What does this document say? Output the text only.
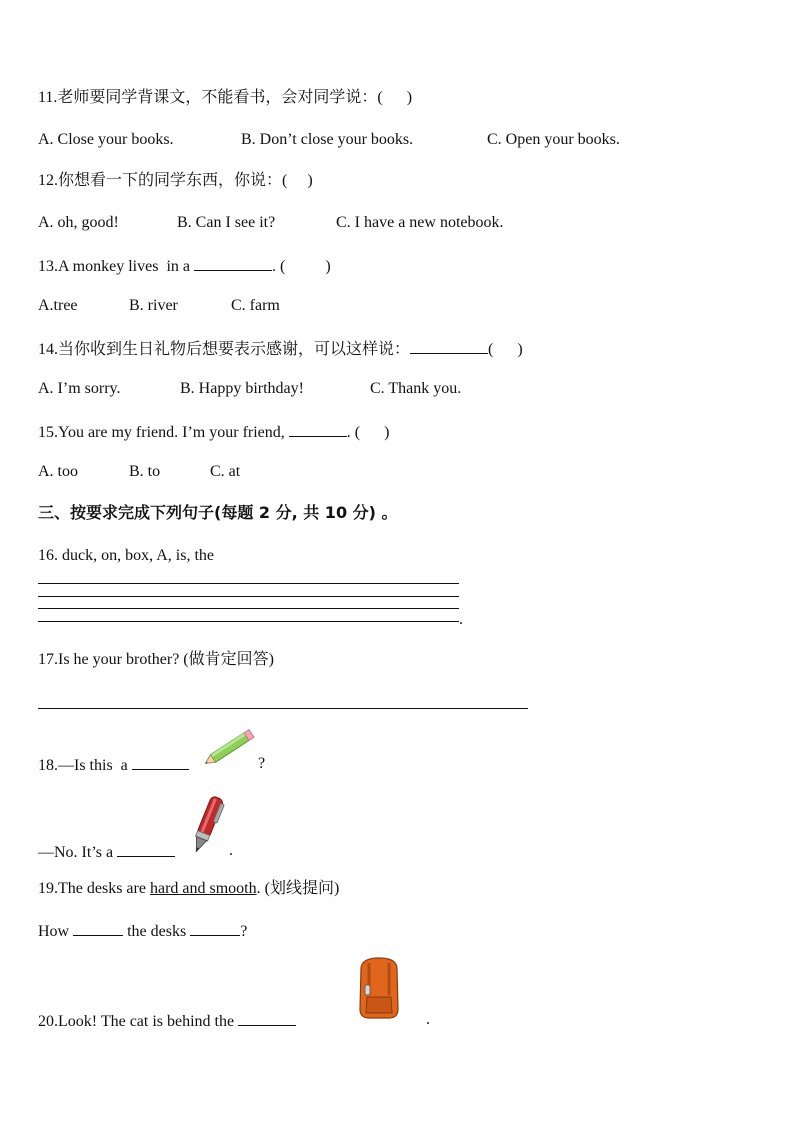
11.老师要同学背课文，不能看书，会对同学说：(      )
A. Close your books.	B. Don’t close your books.	C. Open your books.
12.你想看一下的同学东西，你说：(     )
A. oh, good!	B. Can I see it?	C. I have a new notebook.
13.A monkey lives  in a	. (          )
A.tree	B. river	C. farm
14.当你收到生日礼物后想要表示感谢，可以这样说：	(      )
A. I’m sorry.	B. Happy birthday!	C. Thank you.
15.You are my friend. I’m your friend,	. (      )
A. too	B. to	C. at
三、按要求完成下列句子(每题 2 分, 共 10 分) 。
16. duck, on, box, A, is, the
.
17.Is he your brother? (做肯定回答)
18.—Is this  a	?
—No. It’s a	.
19.The desks are hard and smooth. (划线提问)
How	the desks	?
20.Look! The cat is behind the	.
